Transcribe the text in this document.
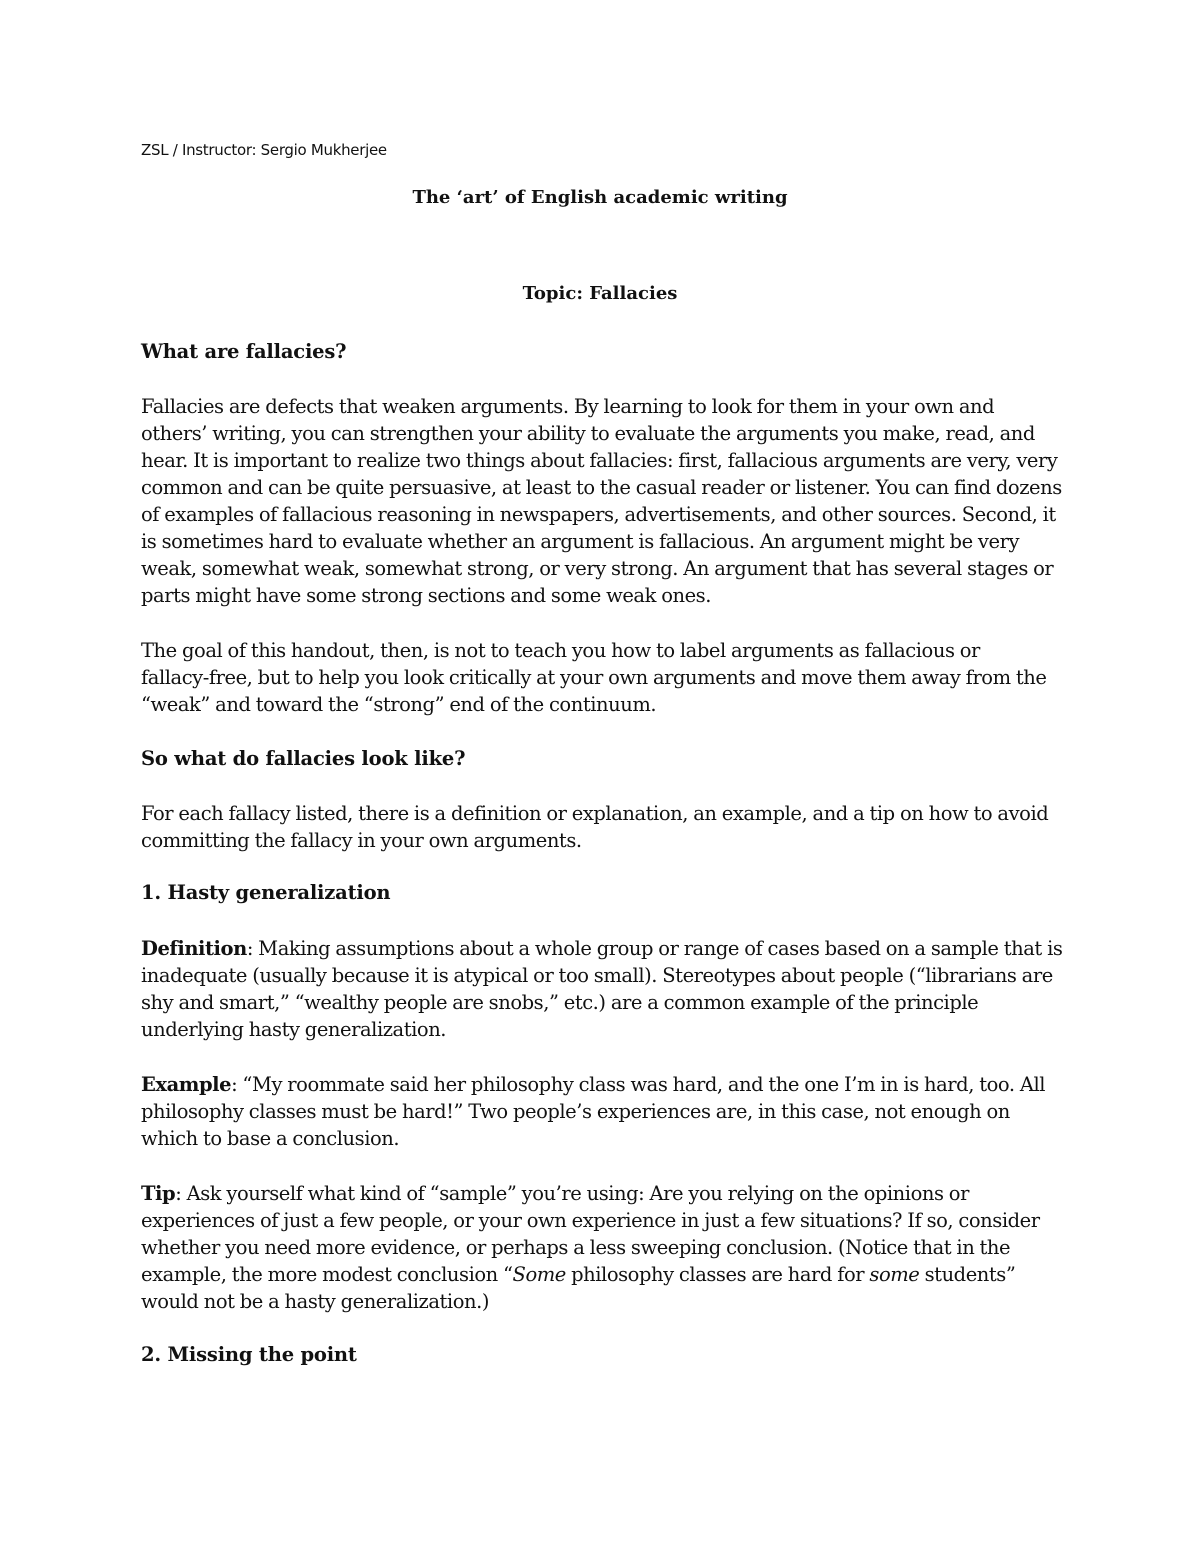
ZSL / Instructor: Sergio Mukherjee
The ‘art’ of English academic writing
Topic: Fallacies
What are fallacies?
Fallacies are defects that weaken arguments. By learning to look for them in your own and
others’ writing, you can strengthen your ability to evaluate the arguments you make, read, and
hear. It is important to realize two things about fallacies: first, fallacious arguments are very, very
common and can be quite persuasive, at least to the casual reader or listener. You can find dozens
of examples of fallacious reasoning in newspapers, advertisements, and other sources. Second, it
is sometimes hard to evaluate whether an argument is fallacious. An argument might be very
weak, somewhat weak, somewhat strong, or very strong. An argument that has several stages or
parts might have some strong sections and some weak ones.
The goal of this handout, then, is not to teach you how to label arguments as fallacious or
fallacy-free, but to help you look critically at your own arguments and move them away from the
“weak” and toward the “strong” end of the continuum.
So what do fallacies look like?
For each fallacy listed, there is a definition or explanation, an example, and a tip on how to avoid
committing the fallacy in your own arguments.
1. Hasty generalization
Definition: Making assumptions about a whole group or range of cases based on a sample that is
inadequate (usually because it is atypical or too small). Stereotypes about people (“librarians are
shy and smart,” “wealthy people are snobs,” etc.) are a common example of the principle
underlying hasty generalization.
Example: “My roommate said her philosophy class was hard, and the one I’m in is hard, too. All
philosophy classes must be hard!” Two people’s experiences are, in this case, not enough on
which to base a conclusion.
Tip: Ask yourself what kind of “sample” you’re using: Are you relying on the opinions or
experiences of just a few people, or your own experience in just a few situations? If so, consider
whether you need more evidence, or perhaps a less sweeping conclusion. (Notice that in the
example, the more modest conclusion “Some philosophy classes are hard for some students”
would not be a hasty generalization.)
2. Missing the point
